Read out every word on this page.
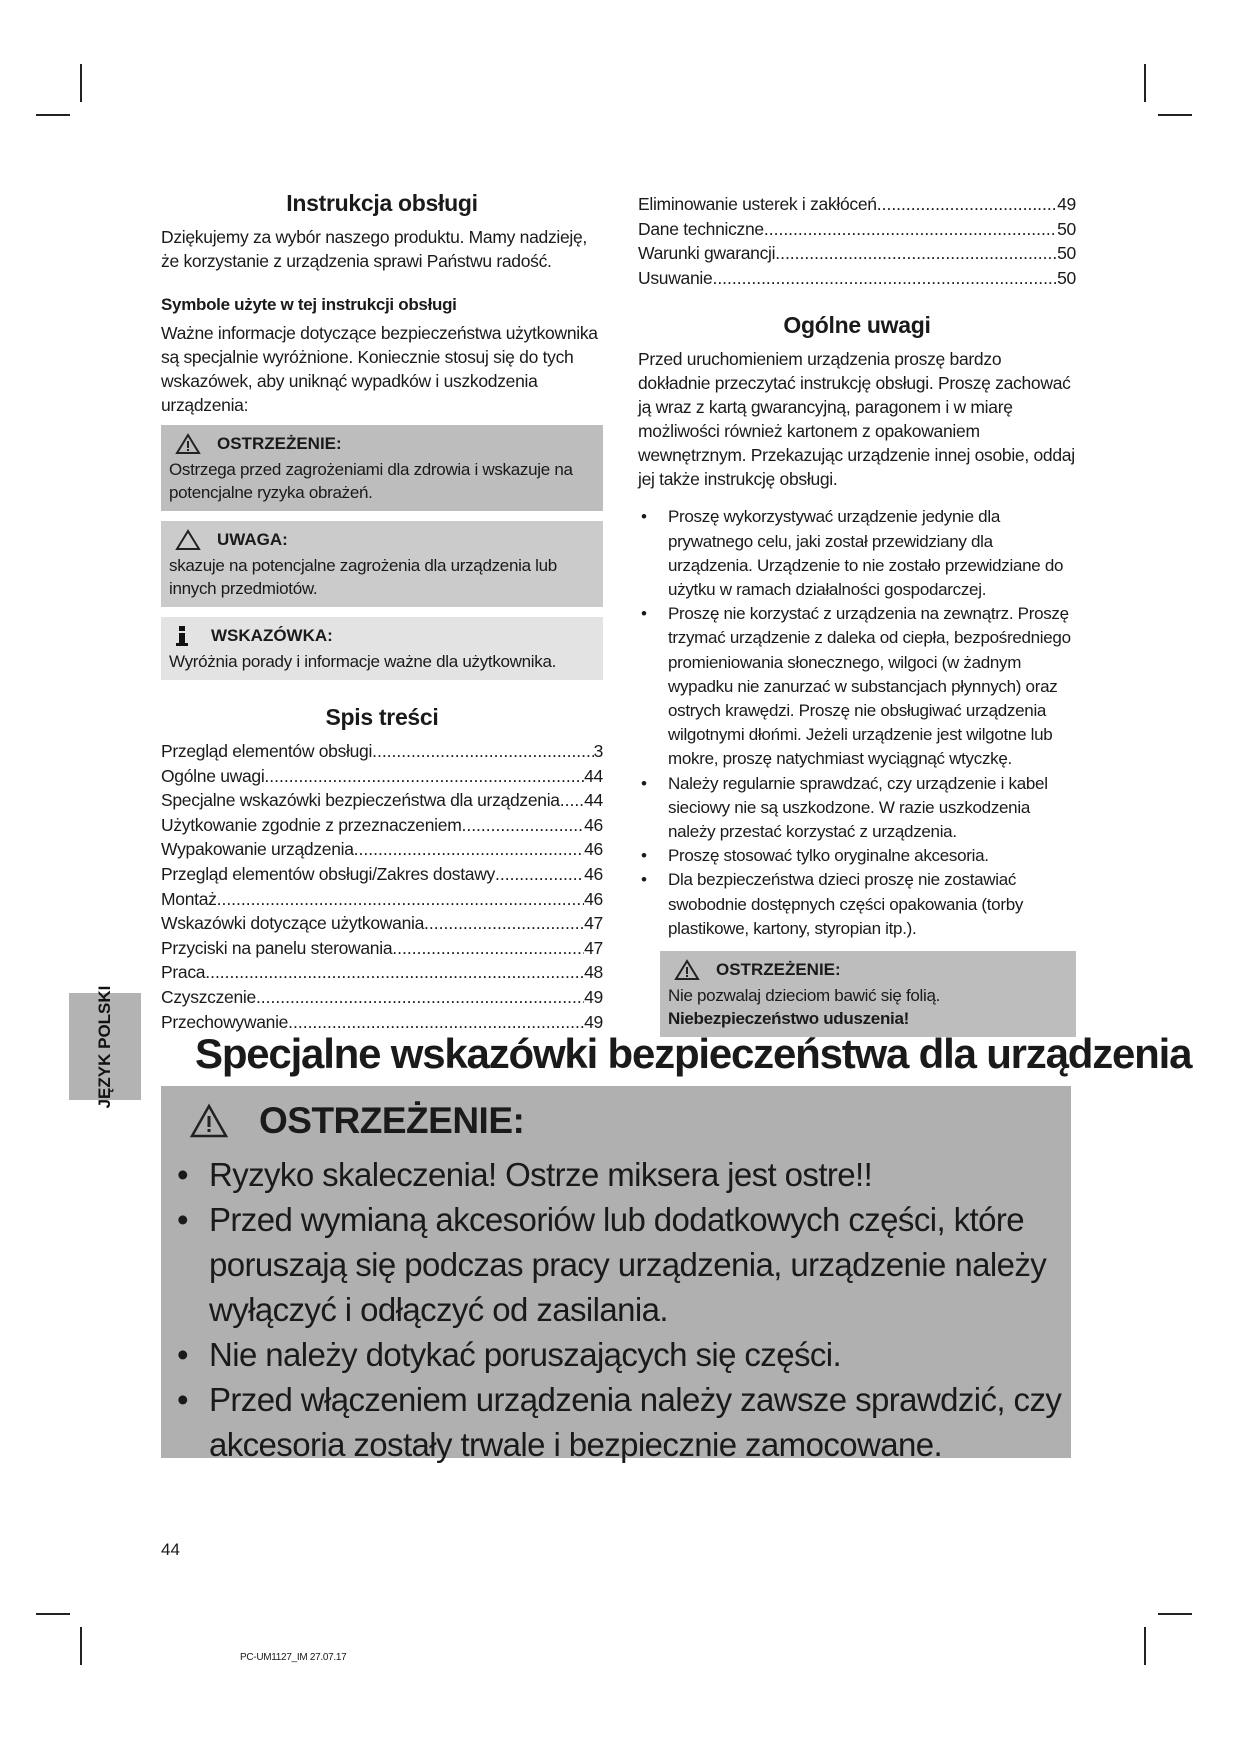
Instrukcja obsługi

Dziękujemy za wybór naszego produktu. Mamy nadzieję, że korzystanie z urządzenia sprawi Państwu radość.

Symbole użyte w tej instrukcji obsługi

Ważne informacje dotyczące bezpieczeństwa użytkownika są specjalnie wyróżnione. Koniecznie stosuj się do tych wskazówek, aby uniknąć wypadków i uszkodzenia urządzenia:

OSTRZEŻENIE:

Ostrzega przed zagrożeniami dla zdrowia i wskazuje na potencjalne ryzyka obrażeń.

UWAGA:

skazuje na potencjalne zagrożenia dla urządzenia lub innych przedmiotów.

WSKAZÓWKA:

Wyróżnia porady i informacje ważne dla użytkownika.

Spis treści
Przegląd elementów obsługi .....	3
Ogólne uwagi .....	44
Specjalne wskazówki bezpieczeństwa dla urządzenia ..... 44
Użytkowanie zgodnie z przeznaczeniem .....	46
Wypakowanie urządzenia .....	46
Przegląd elementów obsługi/Zakres dostawy .....	46
Montaż .....	46
Wskazówki dotyczące użytkowania .....	47
Przyciski na panelu sterowania .....	47
Praca .....	48
Czyszczenie .....	49
Przechowywanie .....	49
Eliminowanie usterek i zakłóceń .....	49
Dane techniczne .....	50
Warunki gwarancji .....	50
Usuwanie .....	50
Ogólne uwagi

Przed uruchomieniem urządzenia proszę bardzo dokładnie przeczytać instrukcję obsługi. Proszę zachować ją wraz z kartą gwarancyjną, paragonem i w miarę możliwości również kartonem z opakowaniem wewnętrznym. Przekazując urządzenie innej osobie, oddaj jej także instrukcję obsługi.

• Proszę wykorzystywać urządzenie jedynie dla prywatnego celu, jaki został przewidziany dla urządzenia. Urządzenie to nie zostało przewidziane do użytku w ramach działalności gospodarczej.
• Proszę nie korzystać z urządzenia na zewnątrz. Proszę trzymać urządzenie z daleka od ciepła, bezpośredniego promieniowania słonecznego, wilgoci (w żadnym wypadku nie zanurzać w substancjach płynnych) oraz ostrych krawędzi. Proszę nie obsługiwać urządzenia wilgotnymi dłońmi. Jeżeli urządzenie jest wilgotne lub mokre, proszę natychmiast wyciągnąć wtyczkę.
• Należy regularnie sprawdzać, czy urządzenie i kabel sieciowy nie są uszkodzone. W razie uszkodzenia należy przestać korzystać z urządzenia.
• Proszę stosować tylko oryginalne akcesoria.
• Dla bezpieczeństwa dzieci proszę nie zostawiać swobodnie dostępnych części opakowania (torby plastikowe, kartony, styropian itp.).
OSTRZEŻENIE:

Nie pozwalaj dzieciom bawić się folią. Niebezpieczeństwo uduszenia!

JĘZYK POLSKI Specjalne wskazówki bezpieczeństwa dla urządzenia
OSTRZEŻENIE:
• Ryzyko skaleczenia! Ostrze miksera jest ostre!!
• Przed wymianą akcesoriów lub dodatkowych części, które poruszają się podczas pracy urządzenia, urządzenie należy wyłączyć i odłączyć od zasilania.
• Nie należy dotykać poruszających się części.
• Przed włączeniem urządzenia należy zawsze sprawdzić, czy akcesoria zostały trwale i bezpiecznie zamocowane.
44
PC-UM1127_IM 27.07.17
